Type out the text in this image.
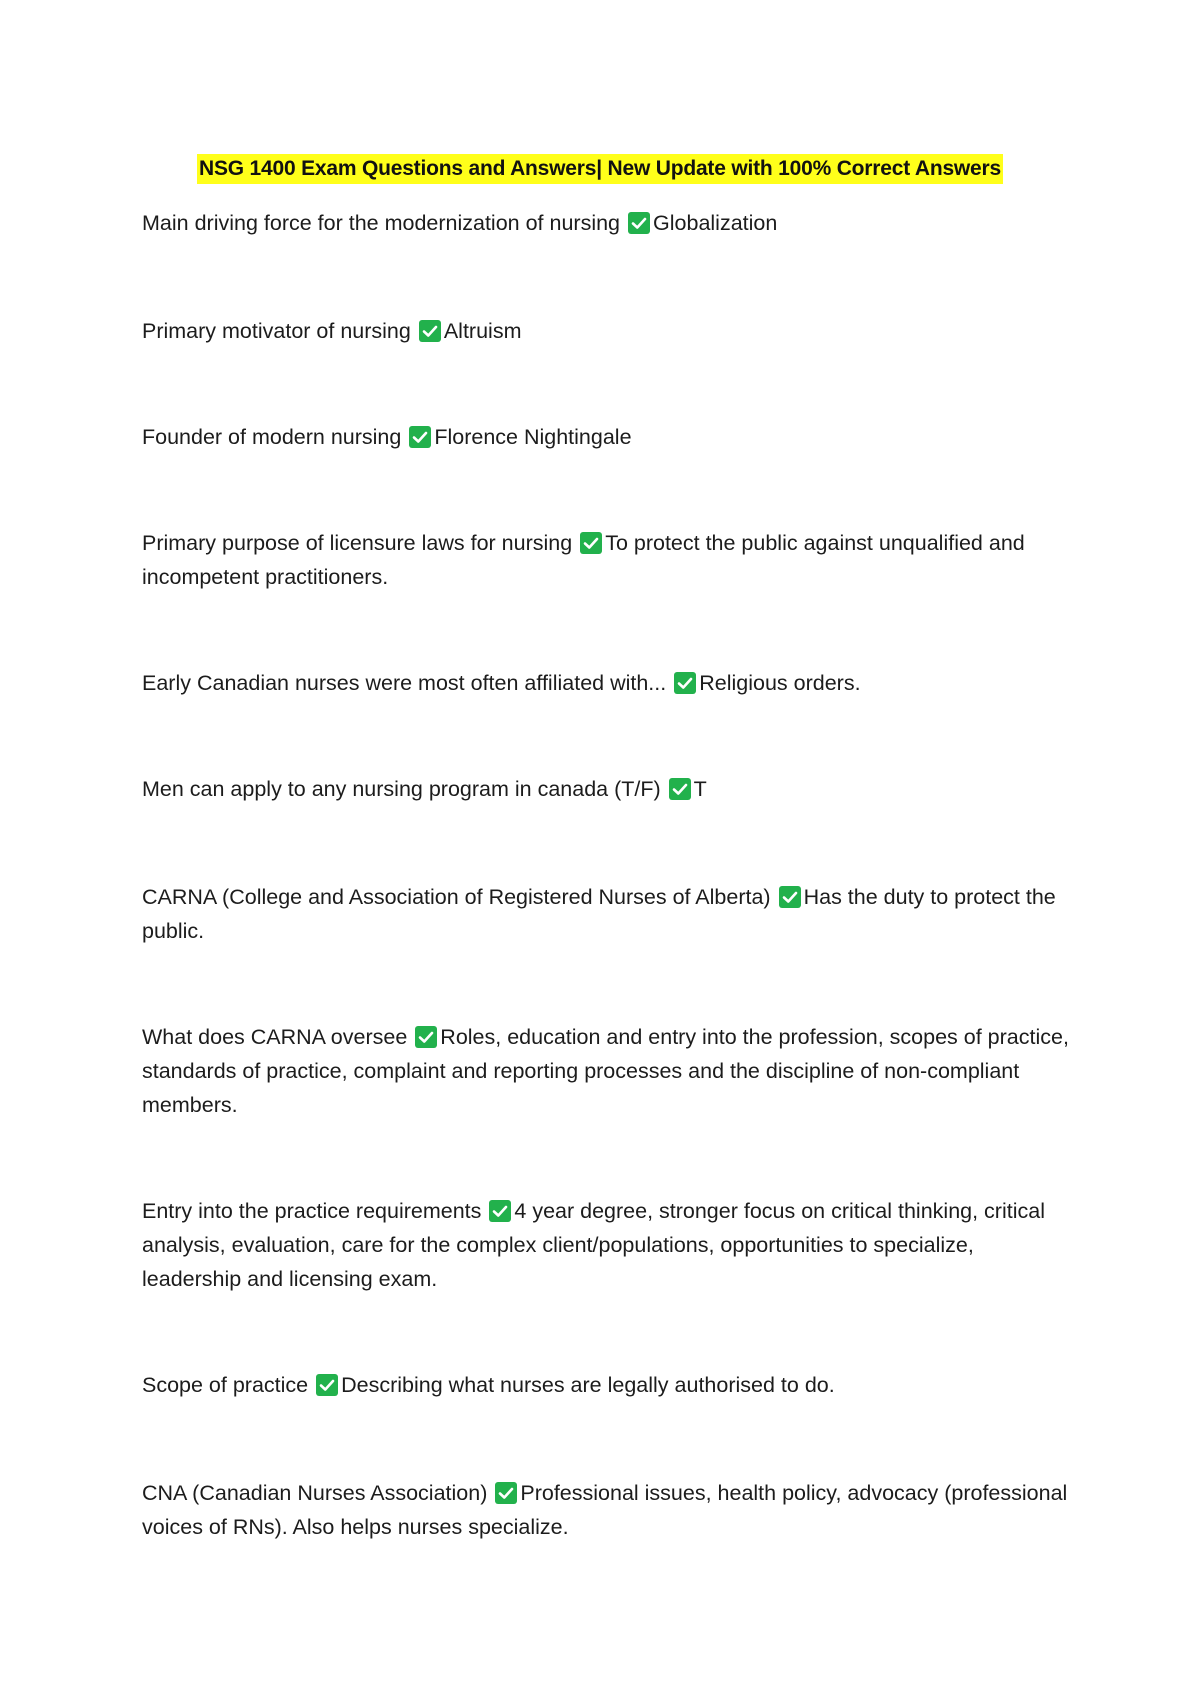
NSG 1400 Exam Questions and Answers| New Update with 100% Correct Answers
Main driving force for the modernization of nursing Globalization
Primary motivator of nursing Altruism
Founder of modern nursing Florence Nightingale
Primary purpose of licensure laws for nursing To protect the public against unqualified and incompetent practitioners.
Early Canadian nurses were most often affiliated with... Religious orders.
Men can apply to any nursing program in canada (T/F) T
CARNA (College and Association of Registered Nurses of Alberta) Has the duty to protect the public.
What does CARNA oversee Roles, education and entry into the profession, scopes of practice, standards of practice, complaint and reporting processes and the discipline of non-compliant members.
Entry into the practice requirements 4 year degree, stronger focus on critical thinking, critical analysis, evaluation, care for the complex client/populations, opportunities to specialize, leadership and licensing exam.
Scope of practice Describing what nurses are legally authorised to do.
CNA (Canadian Nurses Association) Professional issues, health policy, advocacy (professional voices of RNs). Also helps nurses specialize.
